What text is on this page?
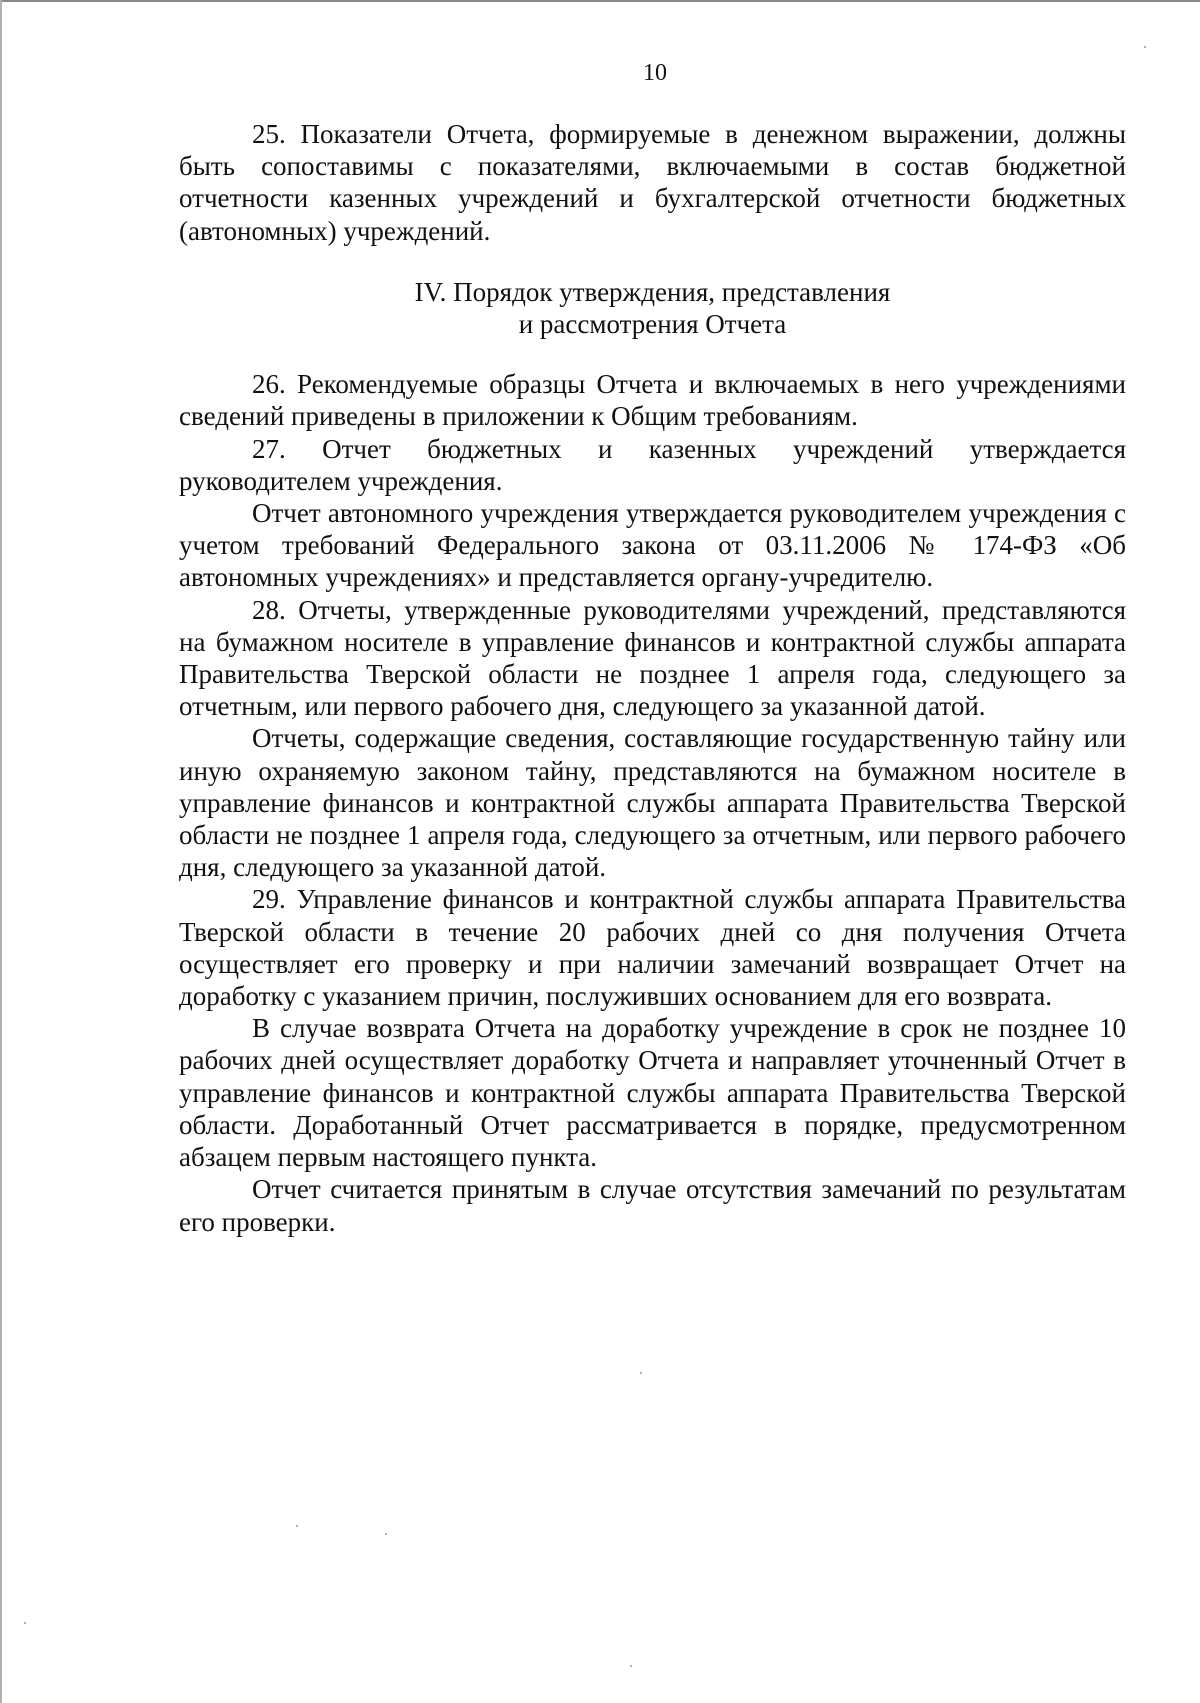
10

25. Показатели Отчета, формируемые в денежном выражении, должны быть сопоставимы с показателями, включаемыми в состав бюджетной отчетности казенных учреждений и бухгалтерской отчетности бюджетных (автономных) учреждений.

IV. Порядок утверждения, представления
и рассмотрения Отчета

26. Рекомендуемые образцы Отчета и включаемых в него учреждениями сведений приведены в приложении к Общим требованиям.

27. Отчет бюджетных и казенных учреждений утверждается руководителем учреждения.

Отчет автономного учреждения утверждается руководителем учреждения с учетом требований Федерального закона от 03.11.2006 № 174-ФЗ «Об автономных учреждениях» и представляется органу-учредителю.

28. Отчеты, утвержденные руководителями учреждений, представляются на бумажном носителе в управление финансов и контрактной службы аппарата Правительства Тверской области не позднее 1 апреля года, следующего за отчетным, или первого рабочего дня, следующего за указанной датой.

Отчеты, содержащие сведения, составляющие государственную тайну или иную охраняемую законом тайну, представляются на бумажном носителе в управление финансов и контрактной службы аппарата Правительства Тверской области не позднее 1 апреля года, следующего за отчетным, или первого рабочего дня, следующего за указанной датой.

29. Управление финансов и контрактной службы аппарата Правительства Тверской области в течение 20 рабочих дней со дня получения Отчета осуществляет его проверку и при наличии замечаний возвращает Отчет на доработку с указанием причин, послуживших основанием для его возврата.

В случае возврата Отчета на доработку учреждение в срок не позднее 10 рабочих дней осуществляет доработку Отчета и направляет уточненный Отчет в управление финансов и контрактной службы аппарата Правительства Тверской области. Доработанный Отчет рассматривается в порядке, предусмотренном абзацем первым настоящего пункта.

Отчет считается принятым в случае отсутствия замечаний по результатам его проверки.
